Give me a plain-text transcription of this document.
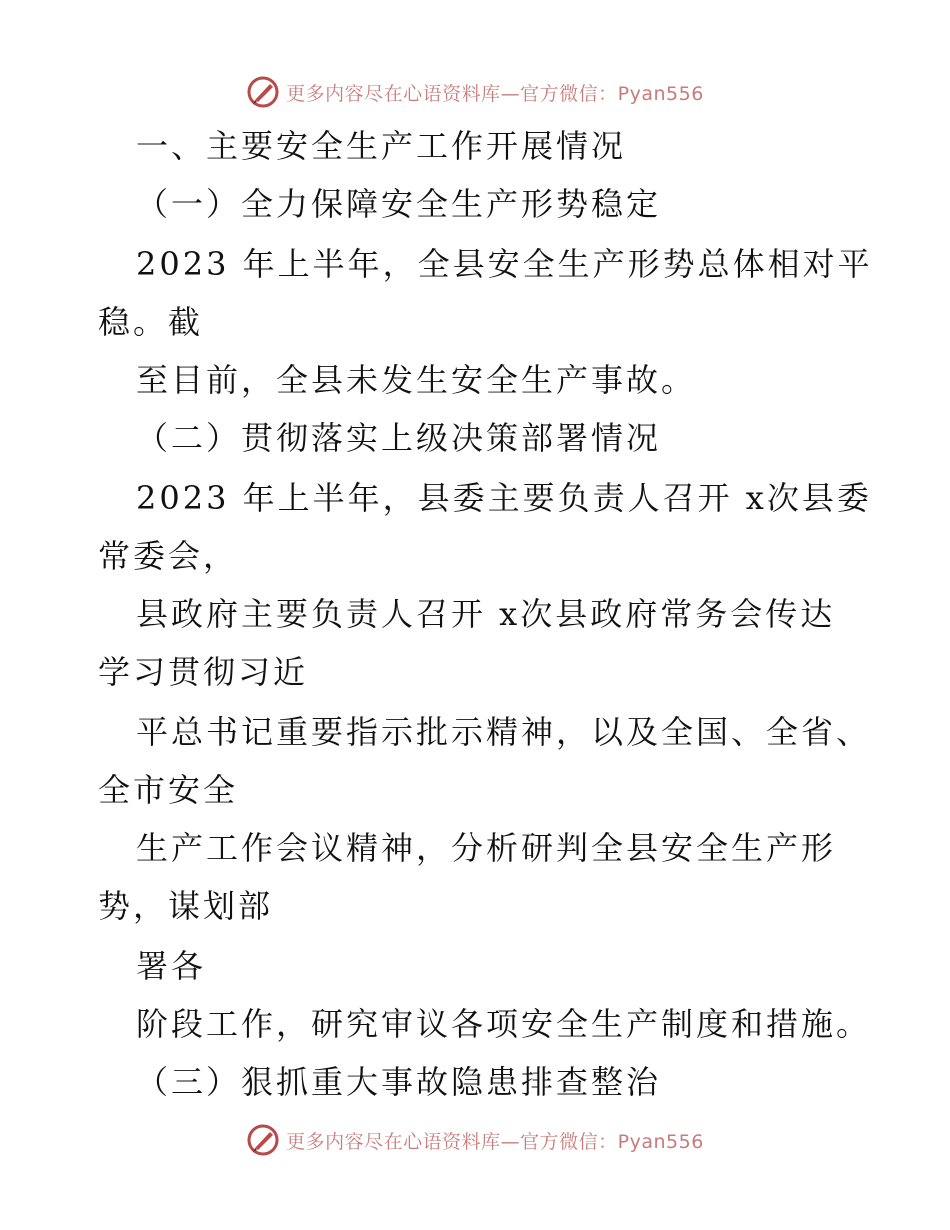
更多内容尽在心语资料库—官方微信：Pyan556
一、主要安全生产工作开展情况
（一）全力保障安全生产形势稳定
2023 年上半年，全县安全生产形势总体相对平
稳。截
至目前，全县未发生安全生产事故。
（二）贯彻落实上级决策部署情况
2023 年上半年，县委主要负责人召开 x次县委
常委会，
县政府主要负责人召开 x次县政府常务会传达
学习贯彻习近
平总书记重要指示批示精神，以及全国、全省、
全市安全
生产工作会议精神，分析研判全县安全生产形
势，谋划部
署各
阶段工作，研究审议各项安全生产制度和措施。
（三）狠抓重大事故隐患排查整治
更多内容尽在心语资料库—官方微信：Pyan556
